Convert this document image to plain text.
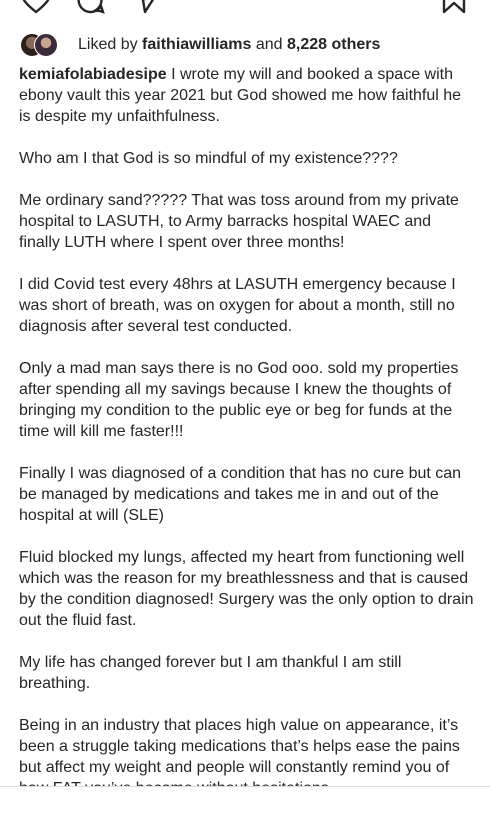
Liked by
faithiawilliams
and
8,228 others

kemiafolabiadesipe I wrote my will and booked a space with ebony vault this year 2021 but God showed me how faithful he is despite my unfaithfulness.

Who am I that God is so mindful of my existence????

Me ordinary sand????? That was toss around from my private hospital to LASUTH, to Army barracks hospital WAEC and finally LUTH where I spent over three months!

I did Covid test every 48hrs at LASUTH emergency because I was short of breath, was on oxygen for about a month, still no diagnosis after several test conducted.

Only a mad man says there is no God ooo. sold my properties after spending all my savings because I knew the thoughts of bringing my condition to the public eye or beg for funds at the time will kill me faster!!!

Finally I was diagnosed of a condition that has no cure but can be managed by medications and takes me in and out of the hospital at will (SLE)

Fluid blocked my lungs, affected my heart from functioning well which was the reason for my breathlessness and that is caused by the condition diagnosed! Surgery was the only option to drain out the fluid fast.

My life has changed forever but I am thankful I am still breathing.

Being in an industry that places high value on appearance, it’s been a struggle taking medications that’s helps ease the pains but affect my weight and people will constantly remind you of
